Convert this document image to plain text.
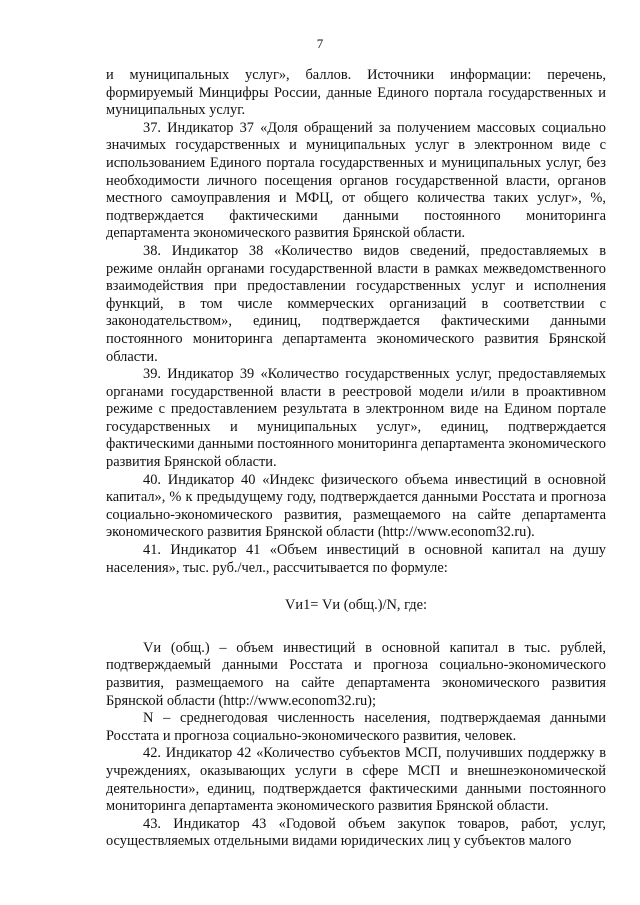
7

и муниципальных услуг», баллов. Источники информации: перечень, формируемый Минцифры России, данные Единого портала государственных и муниципальных услуг.

37. Индикатор 37 «Доля обращений за получением массовых социально значимых государственных и муниципальных услуг в электронном виде с использованием Единого портала государственных и муниципальных услуг, без необходимости личного посещения органов государственной власти, органов местного самоуправления и МФЦ, от общего количества таких услуг», %, подтверждается фактическими данными постоянного мониторинга департамента экономического развития Брянской области.

38. Индикатор 38 «Количество видов сведений, предоставляемых в режиме онлайн органами государственной власти в рамках межведомственного взаимодействия при предоставлении государственных услуг и исполнения функций, в том числе коммерческих организаций в соответствии с законодательством», единиц, подтверждается фактическими данными постоянного мониторинга департамента экономического развития Брянской области.

39. Индикатор 39 «Количество государственных услуг, предоставляемых органами государственной власти в реестровой модели и/или в проактивном режиме с предоставлением результата в электронном виде на Едином портале государственных и муниципальных услуг», единиц, подтверждается фактическими данными постоянного мониторинга департамента экономического развития Брянской области.

40. Индикатор 40 «Индекс физического объема инвестиций в основной капитал», % к предыдущему году, подтверждается данными Росстата и прогноза социально-экономического развития, размещаемого на сайте департамента экономического развития Брянской области (http://www.econom32.ru).

41. Индикатор 41 «Объем инвестиций в основной капитал на душу населения», тыс. руб./чел., рассчитывается по формуле:

Vи1= Vи (общ.)/N, где:

Vи (общ.) – объем инвестиций в основной капитал в тыс. рублей, подтверждаемый данными Росстата и прогноза социально-экономического развития, размещаемого на сайте департамента экономического развития Брянской области (http://www.econom32.ru);

N – среднегодовая численность населения, подтверждаемая данными Росстата и прогноза социально-экономического развития, человек.

42. Индикатор 42 «Количество субъектов МСП, получивших поддержку в учреждениях, оказывающих услуги в сфере МСП и внешнеэкономической деятельности», единиц, подтверждается фактическими данными постоянного мониторинга департамента экономического развития Брянской области.

43. Индикатор 43 «Годовой объем закупок товаров, работ, услуг, осуществляемых отдельными видами юридических лиц у субъектов малого
